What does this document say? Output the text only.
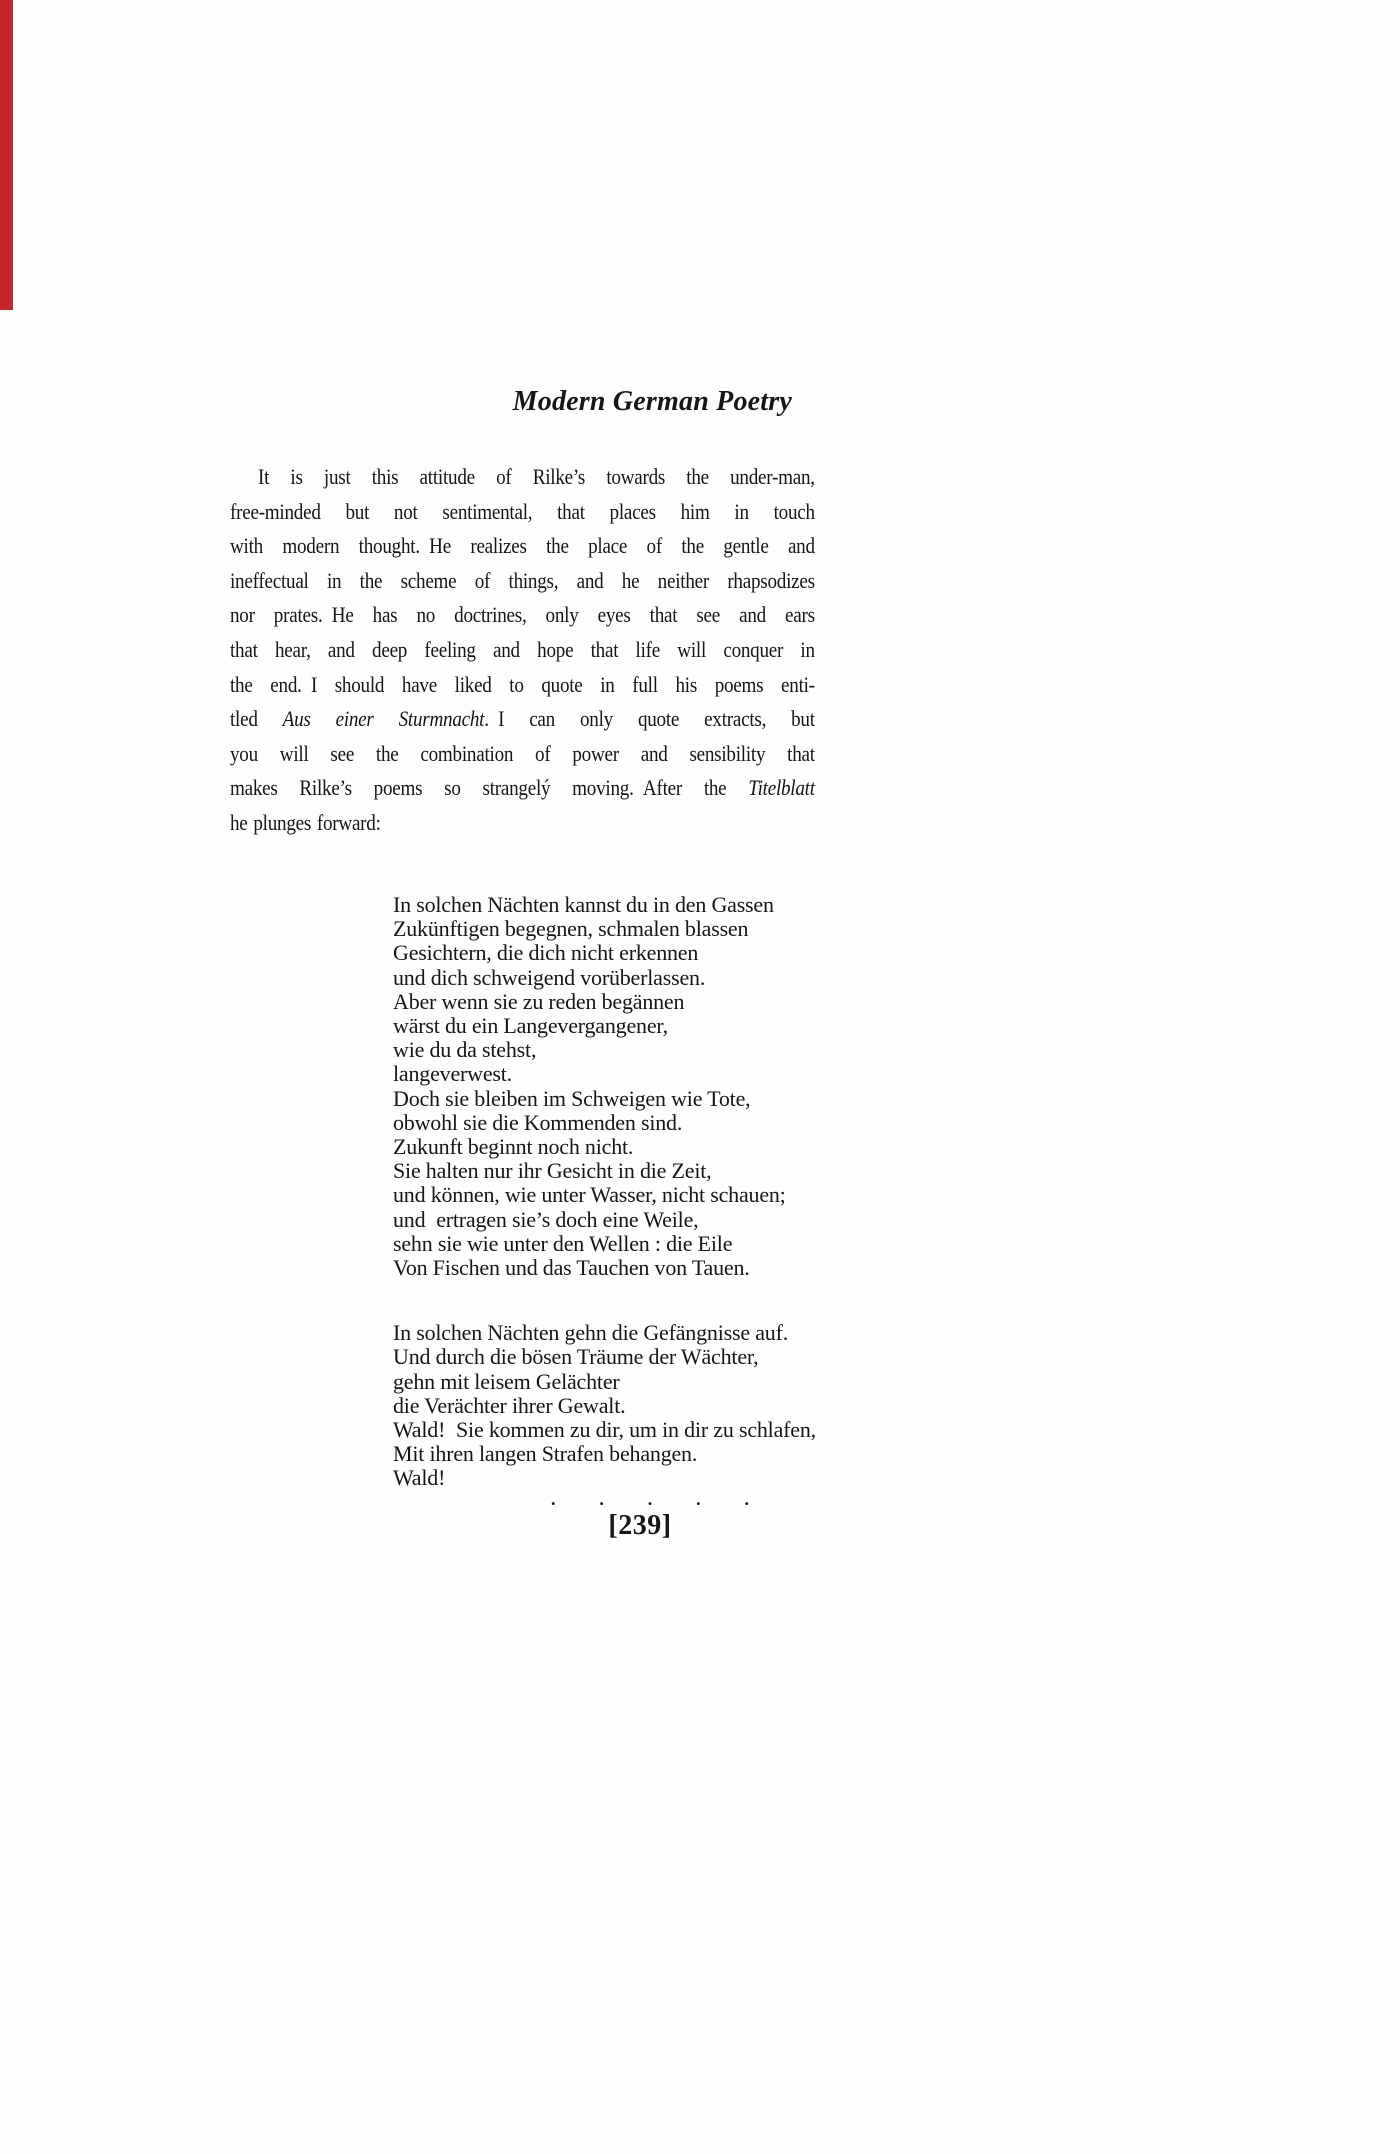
Modern German Poetry
It is just this attitude of Rilke’s towards the under-man,
free-minded but not sentimental, that places him in touch
with modern thought. He realizes the place of the gentle and
ineffectual in the scheme of things, and he neither rhapsodizes
nor prates. He has no doctrines, only eyes that see and ears
that hear, and deep feeling and hope that life will conquer in
the end. I should have liked to quote in full his poems enti-
tled Aus einer Sturmnacht. I can only quote extracts, but
you will see the combination of power and sensibility that
makes Rilke’s poems so strangelý moving. After the Titelblatt
he plunges forward:
In solchen Nächten kannst du in den Gassen
Zukünftigen begegnen, schmalen blassen
Gesichtern, die dich nicht erkennen
und dich schweigend vorüberlassen.
Aber wenn sie zu reden begännen
wärst du ein Langevergangener,
wie du da stehst,
langeverwest.
Doch sie bleiben im Schweigen wie Tote,
obwohl sie die Kommenden sind.
Zukunft beginnt noch nicht.
Sie halten nur ihr Gesicht in die Zeit,
und können, wie unter Wasser, nicht schauen;
und ertragen sie’s doch eine Weile,
sehn sie wie unter den Wellen : die Eile
Von Fischen und das Tauchen von Tauen.
In solchen Nächten gehn die Gefängnisse auf.
Und durch die bösen Träume der Wächter,
gehn mit leisem Gelächter
die Verächter ihrer Gewalt.
Wald! Sie kommen zu dir, um in dir zu schlafen,
Mit ihren langen Strafen behangen.
Wald!
. . . . .
[239]
